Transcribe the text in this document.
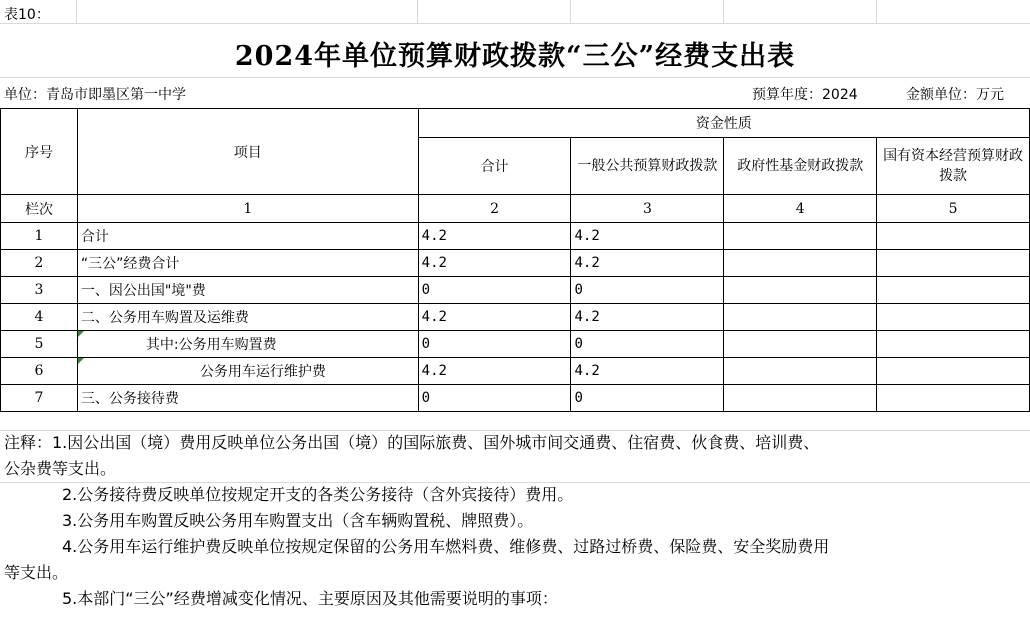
表10：
2024年单位预算财政拨款“三公”经费支出表
单位：青岛市即墨区第一中学	预算年度：2024	金额单位：万元
序号	项目	资金性质			
		合计	一般公共预算财政拨款	政府性基金财政拨款	国有资本经营预算财政拨款
栏次	1	2	3	4	5
1	合计	4.2	4.2		
2	“三公”经费合计	4.2	4.2		
3	一、因公出国"境"费	0	0		
4	二、公务用车购置及运维费	4.2	4.2		
5	其中:公务用车购置费	0	0		
6	公务用车运行维护费	4.2	4.2		
7	三、公务接待费	0	0		
注释：1.因公出国（境）费用反映单位公务出国（境）的国际旅费、国外城市间交通费、住宿费、伙食费、培训费、
公杂费等支出。
2.公务接待费反映单位按规定开支的各类公务接待（含外宾接待）费用。
3.公务用车购置反映公务用车购置支出（含车辆购置税、牌照费）。
4.公务用车运行维护费反映单位按规定保留的公务用车燃料费、维修费、过路过桥费、保险费、安全奖励费用
等支出。
5.本部门“三公”经费增减变化情况、主要原因及其他需要说明的事项：
